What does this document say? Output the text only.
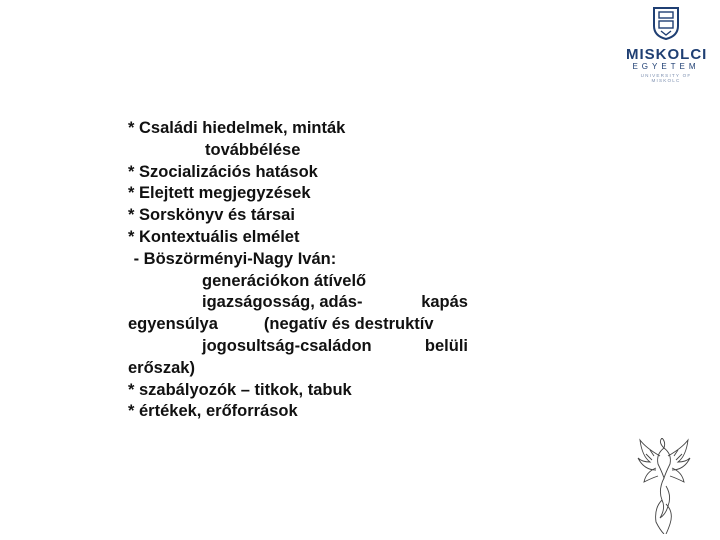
MISKOLCI
EGYETEM
UNIVERSITY OF MISKOLC
* Családi hiedelmek, minták
továbbélése
* Szocializációs hatások
* Elejtett megjegyzések
* Sorskönyv és társai
* Kontextuális elmélet
- Böszörményi-Nagy Iván:
generációkon átívelő
igazságosság, adás-	kapás
egyensúlya	(negatív és destruktív
jogosultság-családon	belüli
erőszak)
* szabályozók – titkok, tabuk
* értékek, erőforrások
